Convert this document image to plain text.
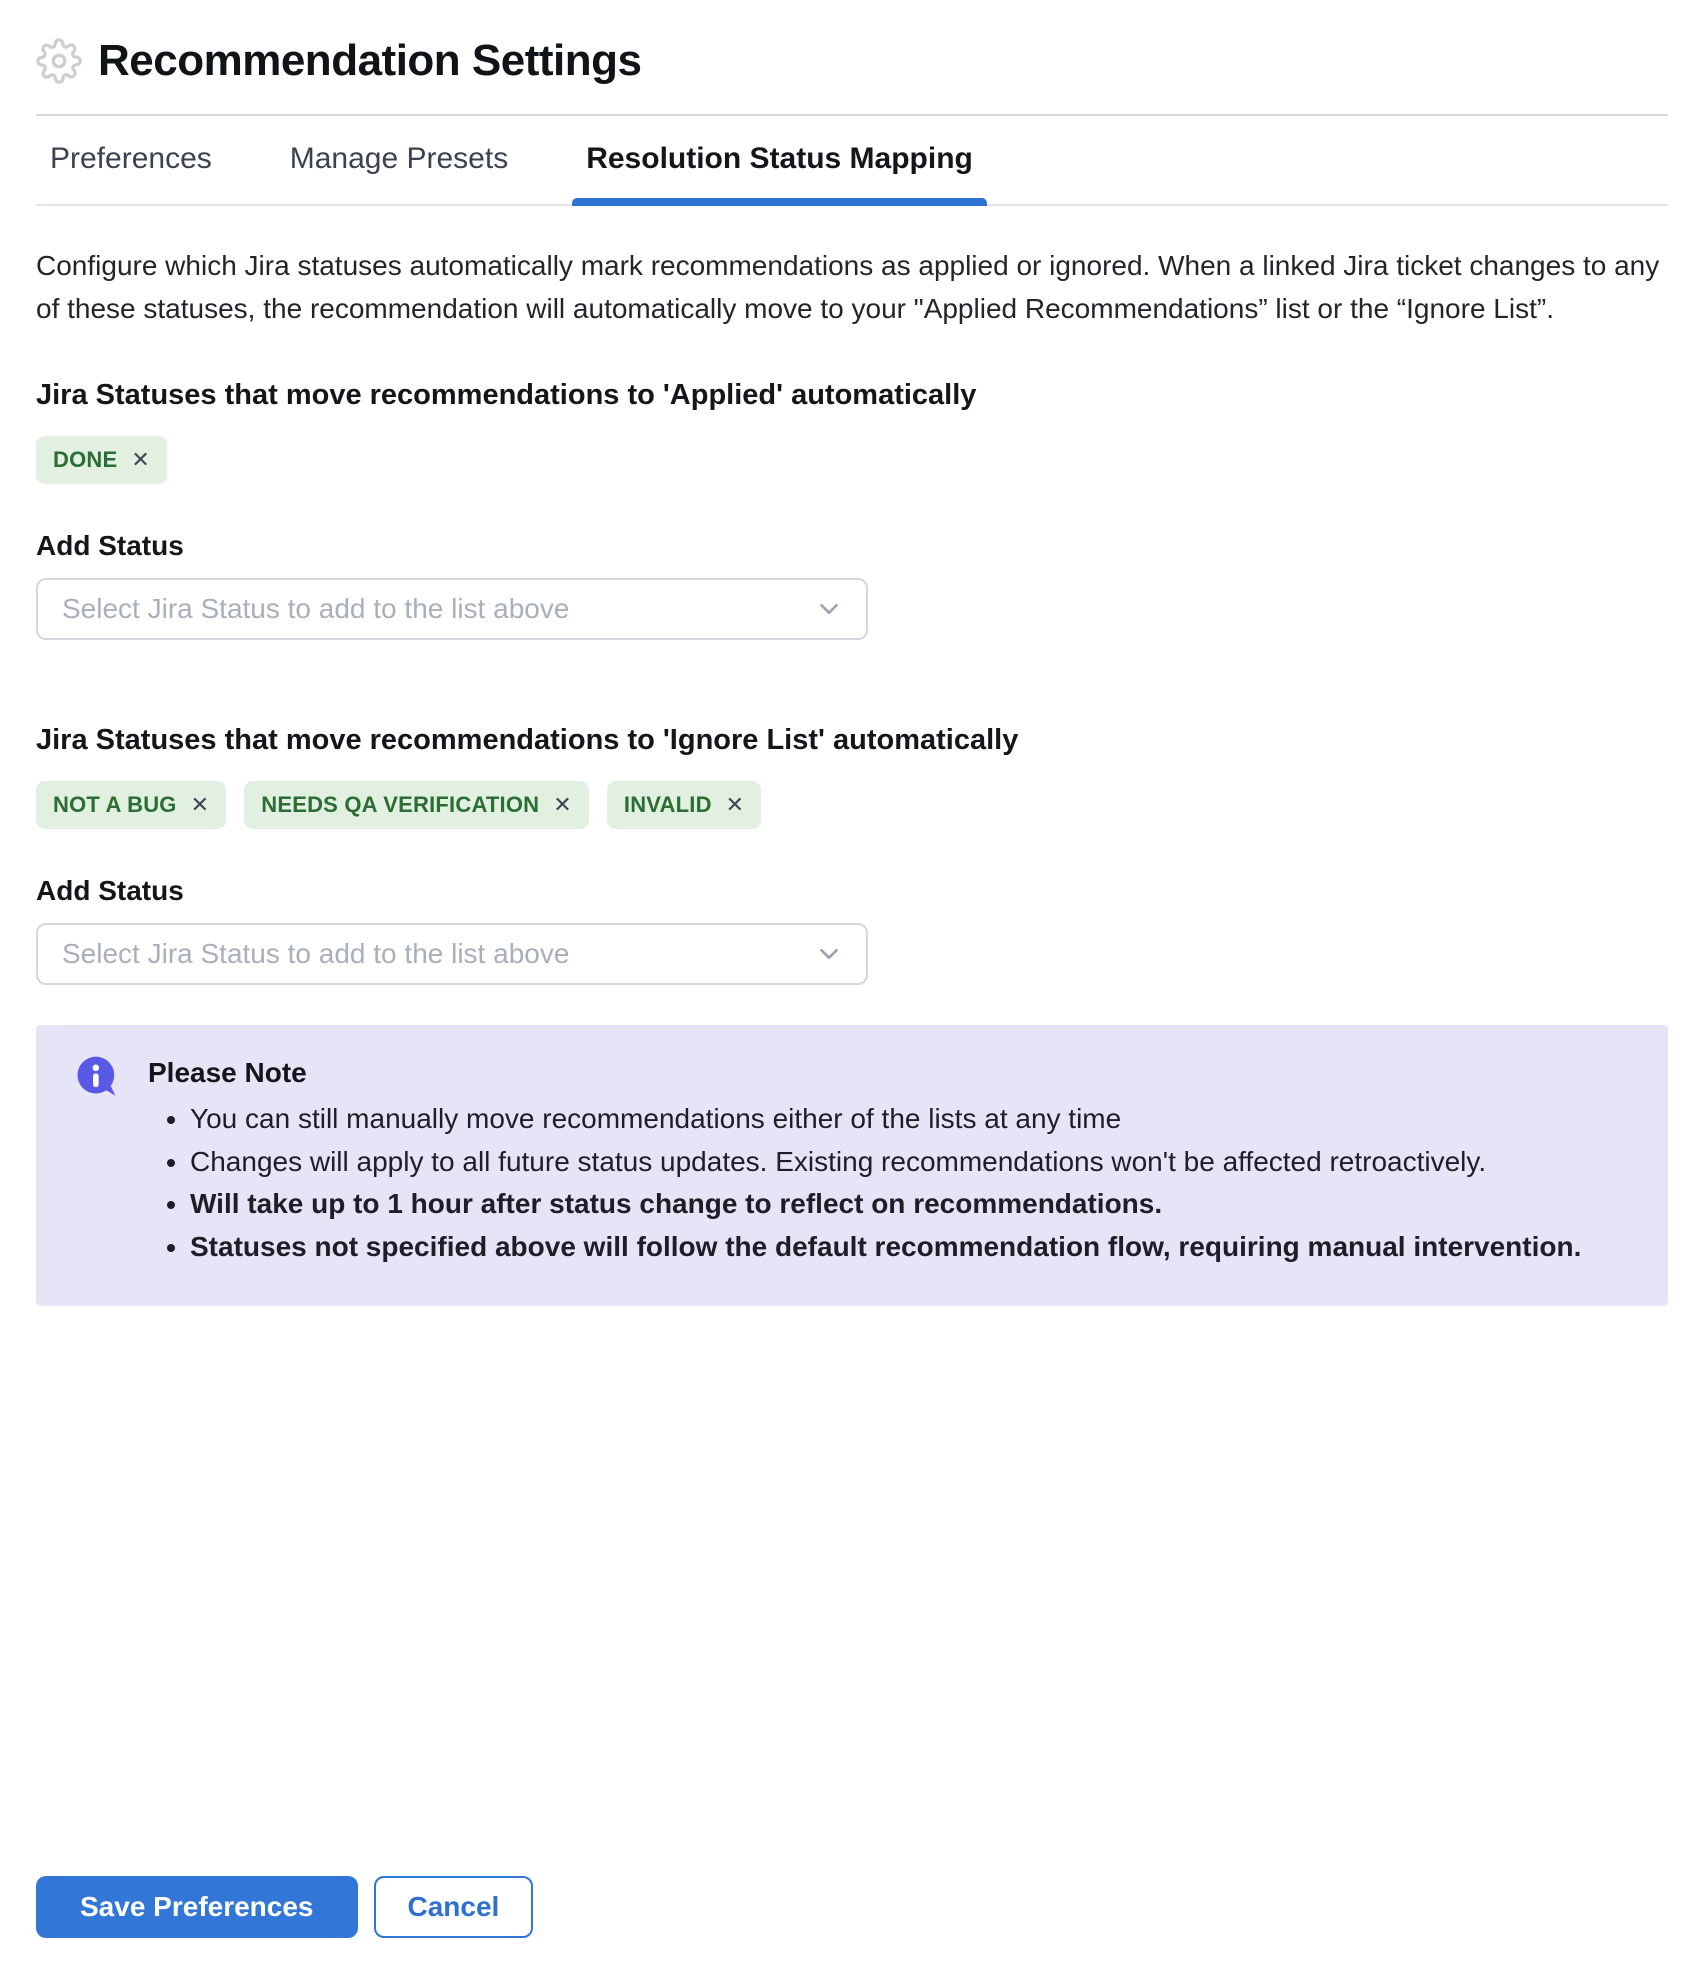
Recommendation Settings
Preferences	Manage Presets	Resolution Status Mapping

Configure which Jira statuses automatically mark recommendations as applied or ignored. When a linked Jira ticket changes to any of these statuses, the recommendation will automatically move to your "Applied Recommendations” list or the “Ignore List”.

Jira Statuses that move recommendations to 'Applied' automatically
DONE ✕
Add Status
Select Jira Status to add to the list above
Jira Statuses that move recommendations to 'Ignore List' automatically
NOT A BUG ✕ NEEDS QA VERIFICATION ✕ INVALID ✕
Add Status
Select Jira Status to add to the list above
Please Note
• You can still manually move recommendations either of the lists at any time
• Changes will apply to all future status updates. Existing recommendations won't be affected retroactively.
• Will take up to 1 hour after status change to reflect on recommendations.
• Statuses not specified above will follow the default recommendation flow, requiring manual intervention.
Save Preferences	Cancel
